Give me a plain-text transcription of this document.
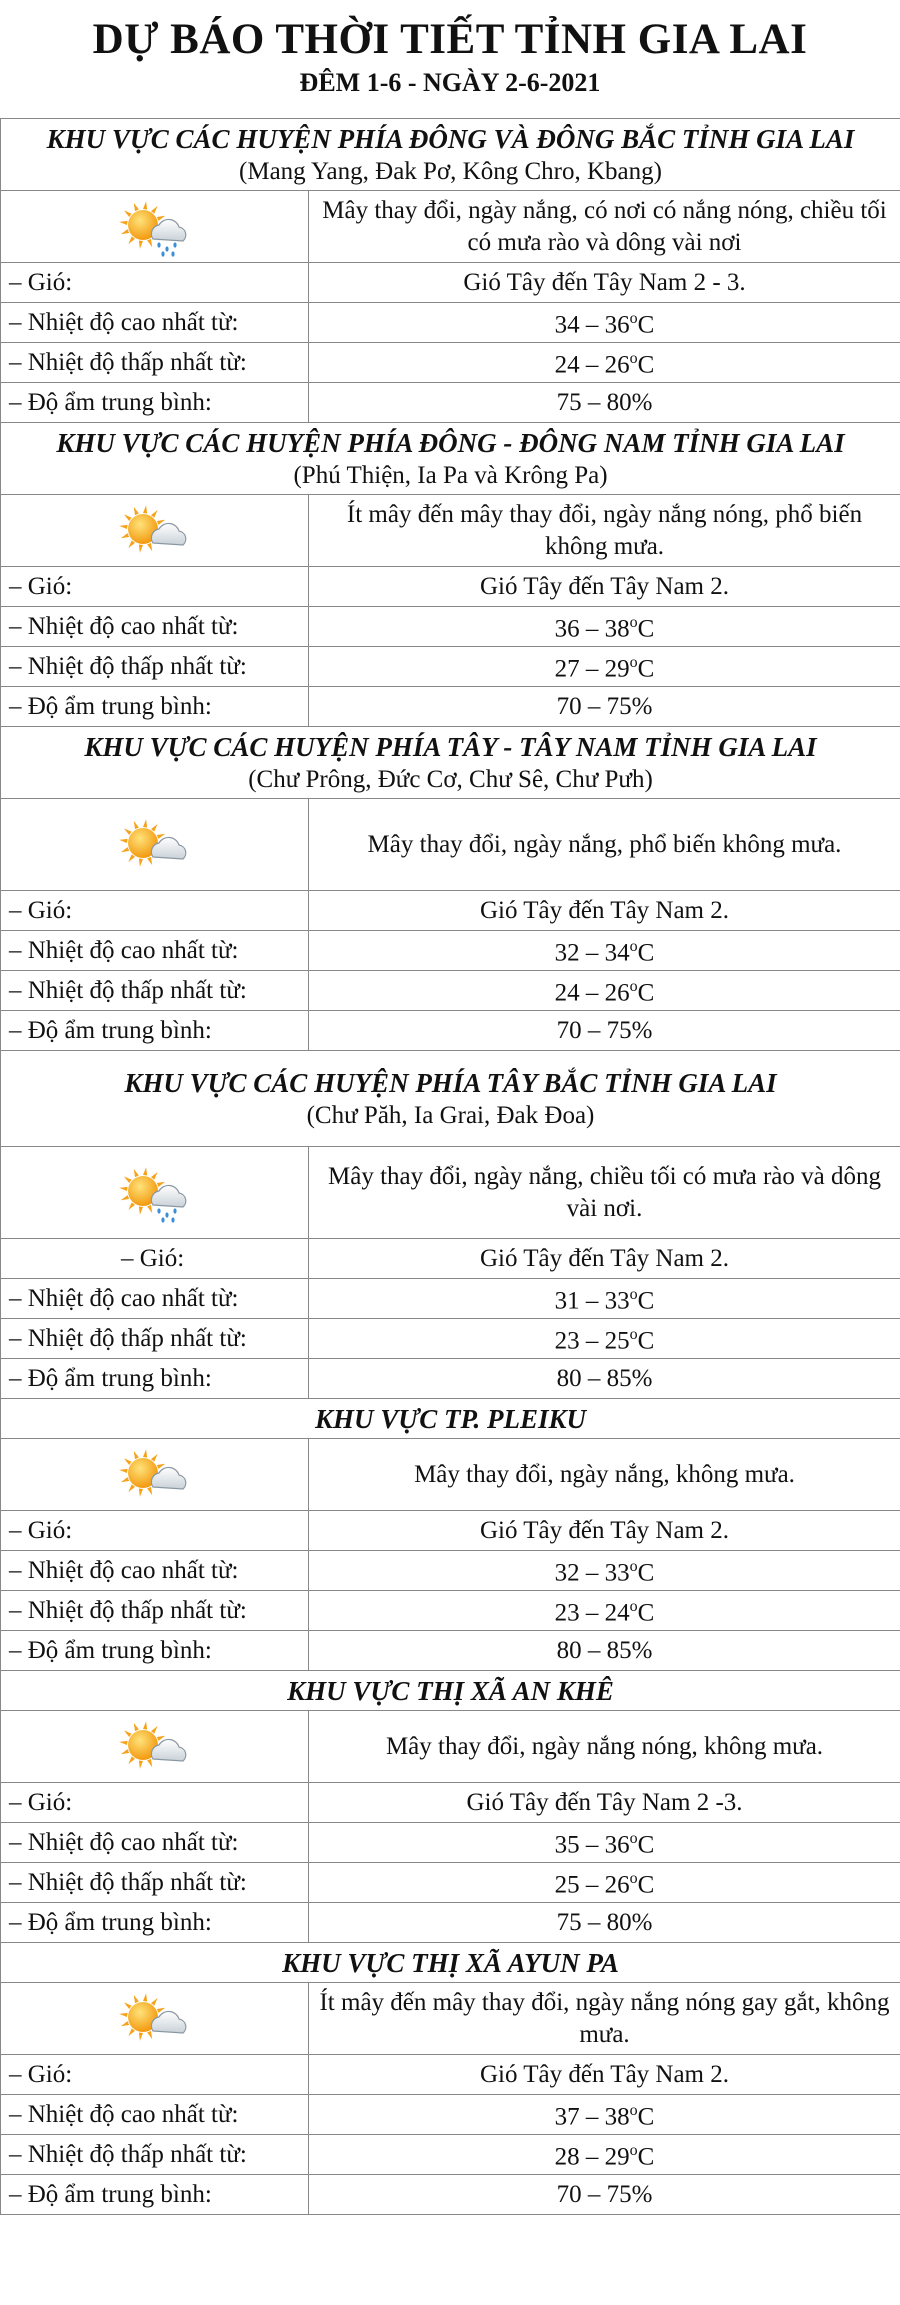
DỰ BÁO THỜI TIẾT TỈNH GIA LAI
ĐÊM 1-6 - NGÀY 2-6-2021
KHU VỰC CÁC HUYỆN PHÍA ĐÔNG VÀ ĐÔNG BẮC TỈNH GIA LAI
(Mang Yang, Đak Pơ, Kông Chro, Kbang)	

	Mây thay đổi, ngày nắng, có nơi có nắng nóng, chiều tối có mưa rào và dông vài nơi
– Gió:	Gió Tây đến Tây Nam 2 - 3.
– Nhiệt độ cao nhất từ:	34 – 36$^o$C
– Nhiệt độ thấp nhất từ:	24 – 26$^o$C
– Độ ẩm trung bình:	75 – 80%

KHU VỰC CÁC HUYỆN PHÍA ĐÔNG - ĐÔNG NAM TỈNH GIA LAI
(Phú Thiện, Ia Pa và Krông Pa)	

	Ít mây đến mây thay đổi, ngày nắng nóng, phổ biến không mưa.
– Gió:	Gió Tây đến Tây Nam 2.
– Nhiệt độ cao nhất từ:	36 – 38$^o$C
– Nhiệt độ thấp nhất từ:	27 – 29$^o$C
– Độ ẩm trung bình:	70 – 75%

KHU VỰC CÁC HUYỆN PHÍA TÂY - TÂY NAM TỈNH GIA LAI
(Chư Prông, Đức Cơ, Chư Sê, Chư Pưh)	

	Mây thay đổi, ngày nắng, phổ biến không mưa.
– Gió:	Gió Tây đến Tây Nam 2.
– Nhiệt độ cao nhất từ:	32 – 34$^o$C
– Nhiệt độ thấp nhất từ:	24 – 26$^o$C
– Độ ẩm trung bình:	70 – 75%

KHU VỰC CÁC HUYỆN PHÍA TÂY BẮC TỈNH GIA LAI
(Chư Păh, Ia Grai, Đak Đoa)	

	Mây thay đổi, ngày nắng, chiều tối có mưa rào và dông vài nơi.
– Gió:	Gió Tây đến Tây Nam 2.
– Nhiệt độ cao nhất từ:	31 – 33$^o$C
– Nhiệt độ thấp nhất từ:	23 – 25$^o$C
– Độ ẩm trung bình:	80 – 85%

KHU VỰC TP. PLEIKU	

	Mây thay đổi, ngày nắng, không mưa.
– Gió:	Gió Tây đến Tây Nam 2.
– Nhiệt độ cao nhất từ:	32 – 33$^o$C
– Nhiệt độ thấp nhất từ:	23 – 24$^o$C
– Độ ẩm trung bình:	80 – 85%

KHU VỰC THỊ XÃ AN KHÊ	

	Mây thay đổi, ngày nắng nóng, không mưa.
– Gió:	Gió Tây đến Tây Nam 2 -3.
– Nhiệt độ cao nhất từ:	35 – 36$^o$C
– Nhiệt độ thấp nhất từ:	25 – 26$^o$C
– Độ ẩm trung bình:	75 – 80%

KHU VỰC THỊ XÃ AYUN PA	

	Ít mây đến mây thay đổi, ngày nắng nóng gay gắt, không mưa.
– Gió:	Gió Tây đến Tây Nam 2.
– Nhiệt độ cao nhất từ:	37 – 38$^o$C
– Nhiệt độ thấp nhất từ:	28 – 29$^o$C
– Độ ẩm trung bình:	70 – 75%
